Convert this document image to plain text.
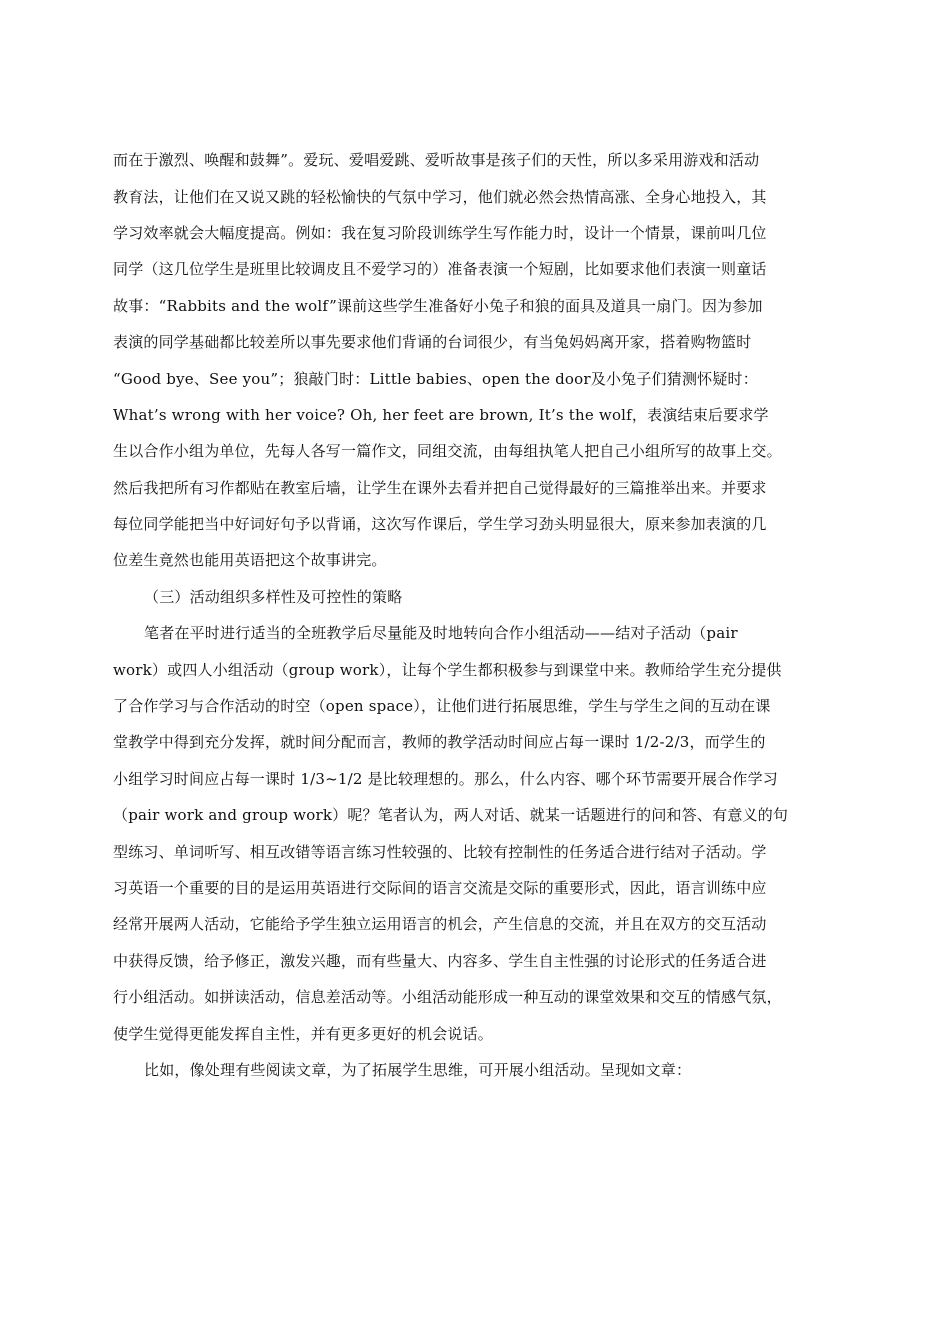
而在于激烈、唤醒和鼓舞”。爱玩、爱唱爱跳、爱听故事是孩子们的天性，所以多采用游戏和活动
教育法，让他们在又说又跳的轻松愉快的气氛中学习，他们就必然会热情高涨、全身心地投入，其
学习效率就会大幅度提高。例如：我在复习阶段训练学生写作能力时，设计一个情景，课前叫几位
同学（这几位学生是班里比较调皮且不爱学习的）准备表演一个短剧，比如要求他们表演一则童话
故事：“Rabbits and the wolf”课前这些学生准备好小兔子和狼的面具及道具一扇门。因为参加
表演的同学基础都比较差所以事先要求他们背诵的台词很少，有当兔妈妈离开家，搭着购物篮时
“Good bye、See you”；狼敲门时：Little babies、open the door及小兔子们猜测怀疑时：
What’s wrong with her voice? Oh, her feet are brown, It’s the wolf，表演结束后要求学
生以合作小组为单位，先每人各写一篇作文，同组交流，由每组执笔人把自己小组所写的故事上交。
然后我把所有习作都贴在教室后墙，让学生在课外去看并把自己觉得最好的三篇推举出来。并要求
每位同学能把当中好词好句予以背诵，这次写作课后，学生学习劲头明显很大，原来参加表演的几
位差生竟然也能用英语把这个故事讲完。
（三）活动组织多样性及可控性的策略
笔者在平时进行适当的全班教学后尽量能及时地转向合作小组活动——结对子活动（pair
work）或四人小组活动（group work），让每个学生都积极参与到课堂中来。教师给学生充分提供
了合作学习与合作活动的时空（open space），让他们进行拓展思维，学生与学生之间的互动在课
堂教学中得到充分发挥，就时间分配而言，教师的教学活动时间应占每一课时 1/2-2/3，而学生的
小组学习时间应占每一课时 1/3~1/2 是比较理想的。那么，什么内容、哪个环节需要开展合作学习
（pair work and group work）呢？笔者认为，两人对话、就某一话题进行的问和答、有意义的句
型练习、单词听写、相互改错等语言练习性较强的、比较有控制性的任务适合进行结对子活动。学
习英语一个重要的目的是运用英语进行交际间的语言交流是交际的重要形式，因此，语言训练中应
经常开展两人活动，它能给予学生独立运用语言的机会，产生信息的交流，并且在双方的交互活动
中获得反馈，给予修正，激发兴趣，而有些量大、内容多、学生自主性强的讨论形式的任务适合进
行小组活动。如拼读活动，信息差活动等。小组活动能形成一种互动的课堂效果和交互的情感气氛，
使学生觉得更能发挥自主性，并有更多更好的机会说话。
比如，像处理有些阅读文章，为了拓展学生思维，可开展小组活动。呈现如文章：
